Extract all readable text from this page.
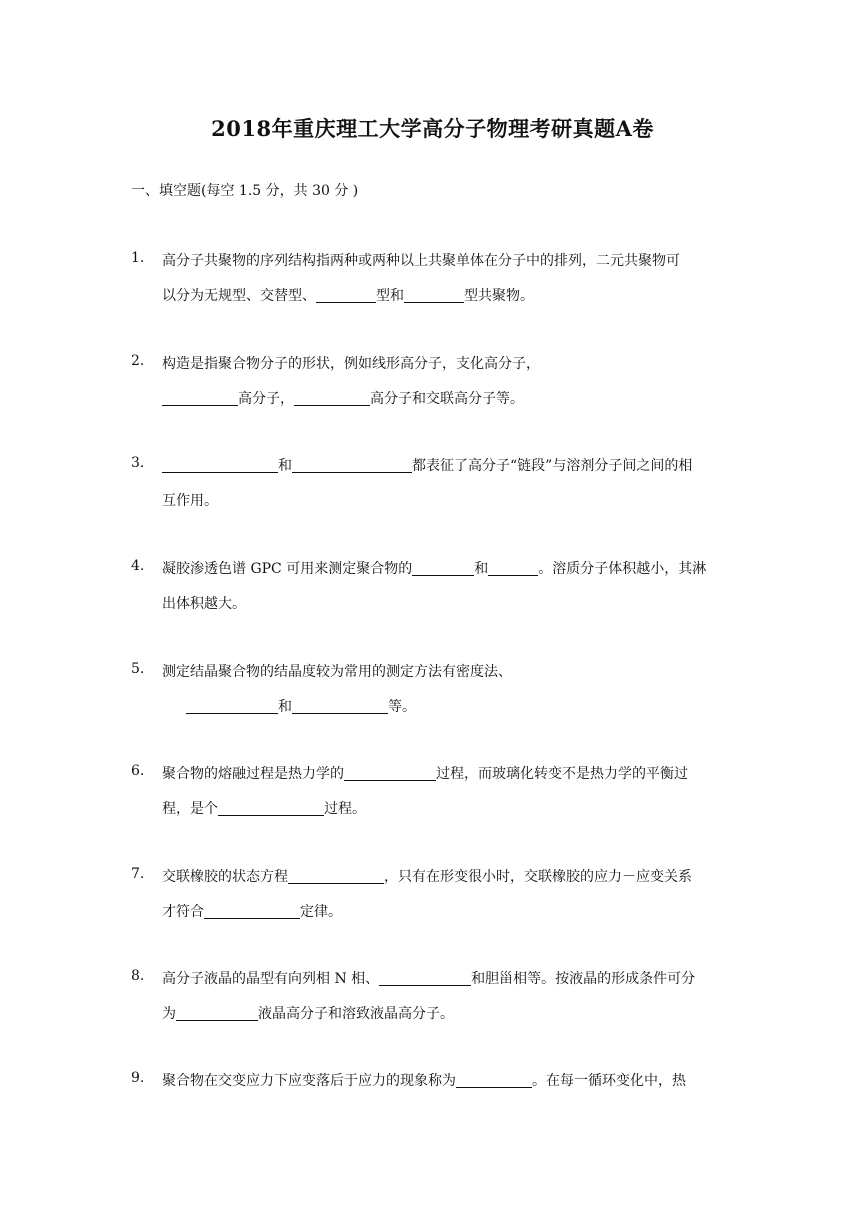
2018年重庆理工大学高分子物理考研真题A卷
一、填空题(每空 1.5 分，共 30 分 )
1. 高分子共聚物的序列结构指两种或两种以上共聚单体在分子中的排列，二元共聚物可
以分为无规型、交替型、	型和	型共聚物。
2. 构造是指聚合物分子的形状，例如线形高分子，支化高分子，
高分子，	高分子和交联高分子等。
3.	和	都表征了高分子“链段”与溶剂分子间之间的相
互作用。
4. 凝胶渗透色谱 GPC 可用来测定聚合物的	和	。溶质分子体积越小，其淋
出体积越大。
5. 测定结晶聚合物的结晶度较为常用的测定方法有密度法、
和	等。
6. 聚合物的熔融过程是热力学的	过程，而玻璃化转变不是热力学的平衡过
程，是个	过程。
7. 交联橡胶的状态方程	，只有在形变很小时，交联橡胶的应力－应变关系
才符合	定律。
8. 高分子液晶的晶型有向列相 N 相、	和胆甾相等。按液晶的形成条件可分
为	液晶高分子和溶致液晶高分子。
9. 聚合物在交变应力下应变落后于应力的现象称为	。在每一循环变化中，热
